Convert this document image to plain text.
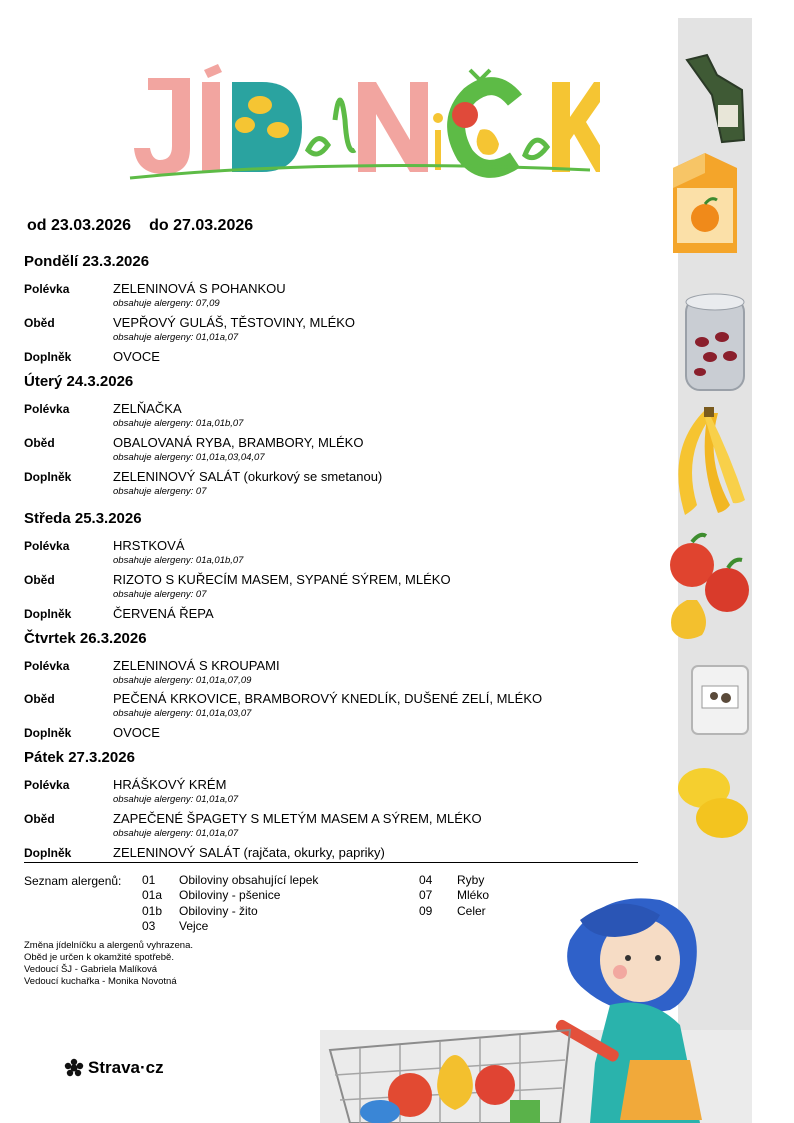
od 23.03.2026 do 27.03.2026
Pondělí 23.3.2026
Polévka	ZELENINOVÁ S POHANKOU
obsahuje alergeny: 07,09
Oběd	VEPŘOVÝ GULÁŠ, TĚSTOVINY, MLÉKO
obsahuje alergeny: 01,01a,07
Doplněk	OVOCE
Úterý 24.3.2026
Polévka	ZELŇAČKA
obsahuje alergeny: 01a,01b,07
Oběd	OBALOVANÁ RYBA, BRAMBORY, MLÉKO
obsahuje alergeny: 01,01a,03,04,07
Doplněk	ZELENINOVÝ SALÁT (okurkový se smetanou)
obsahuje alergeny: 07
Středa 25.3.2026
Polévka	HRSTKOVÁ
obsahuje alergeny: 01a,01b,07
Oběd	RIZOTO S KUŘECÍM MASEM, SYPANÉ SÝREM, MLÉKO
obsahuje alergeny: 07
Doplněk	ČERVENÁ ŘEPA
Čtvrtek 26.3.2026
Polévka	ZELENINOVÁ S KROUPAMI
obsahuje alergeny: 01,01a,07,09
Oběd	PEČENÁ KRKOVICE, BRAMBOROVÝ KNEDLÍK, DUŠENÉ ZELÍ, MLÉKO
obsahuje alergeny: 01,01a,03,07
Doplněk	OVOCE
Pátek 27.3.2026
Polévka	HRÁŠKOVÝ KRÉM
obsahuje alergeny: 01,01a,07
Oběd	ZAPEČENÉ ŠPAGETY S MLETÝM MASEM A SÝREM, MLÉKO
obsahuje alergeny: 01,01a,07
Doplněk	ZELENINOVÝ SALÁT (rajčata, okurky, papriky)
Seznam alergenů: 01 Obiloviny obsahující lepek
01a Obiloviny - pšenice
01b Obiloviny - žito
03 Vejce
04 Ryby
07 Mléko
09 Celer
Změna jídelníčku a alergenů vyhrazena.
Oběd je určen k okamžité spotřebě.
Vedoucí ŠJ - Gabriela Malíková
Vedoucí kuchařka - Monika Novotná
Strava·cz
